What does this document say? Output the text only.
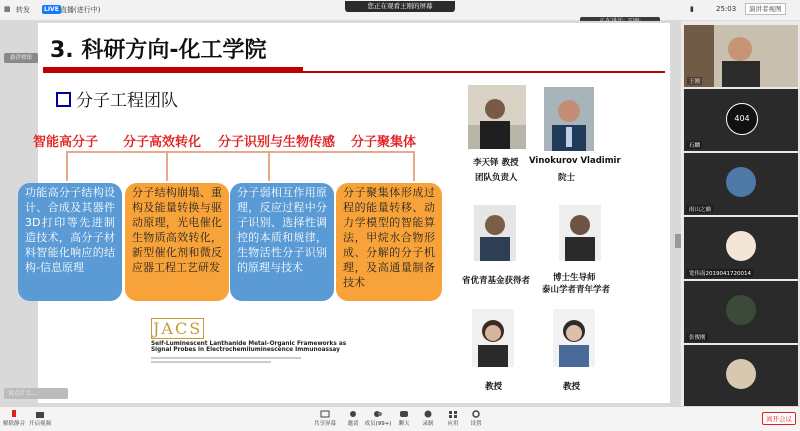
▦ 转发	LIVE 直播(进行中)	您正在观看王刚的屏幕	▮	25:03	演讲者视图
3. 科研方向-化工学院
分子工程团队
智能高分子 分子高效转化 分子识别与生物传感 分子聚集体
功能高分子结构设计、合成及其器件3D打印等先进制造技术，高分子材料智能化响应的结构-信息原理
分子结构崩塌、重构及能量转换与驱动原理，光电催化生物质高效转化，新型催化剂和微反应器工程工艺研发
分子弱相互作用原理，反应过程中分子识别、选择性调控的本质和规律，生物活性分子识别的原理与技术
分子聚集体形成过程的能量转移、动力学模型的智能算法，甲烷水合物形成、分解的分子机理，及高通量制备技术
李天铎 教授
团队负责人
Vinokurov Vladimir
院士
省优青基金获得者	博士生导师
泰山学者青年学者
教授	教授
JACS
Self-Luminescent Lanthanide Metal–Organic Frameworks as Signal Probes in Electrochemiluminescence Immunoassay
悬浮按钮
说点什么...
王刚
404
石麟
雨山之巅
宽伟南2019041720014
张俊刚
解除静音 开启视频	共享屏幕	邀请	成员(99+)	聊天	录制	应用	设置
离开会议
